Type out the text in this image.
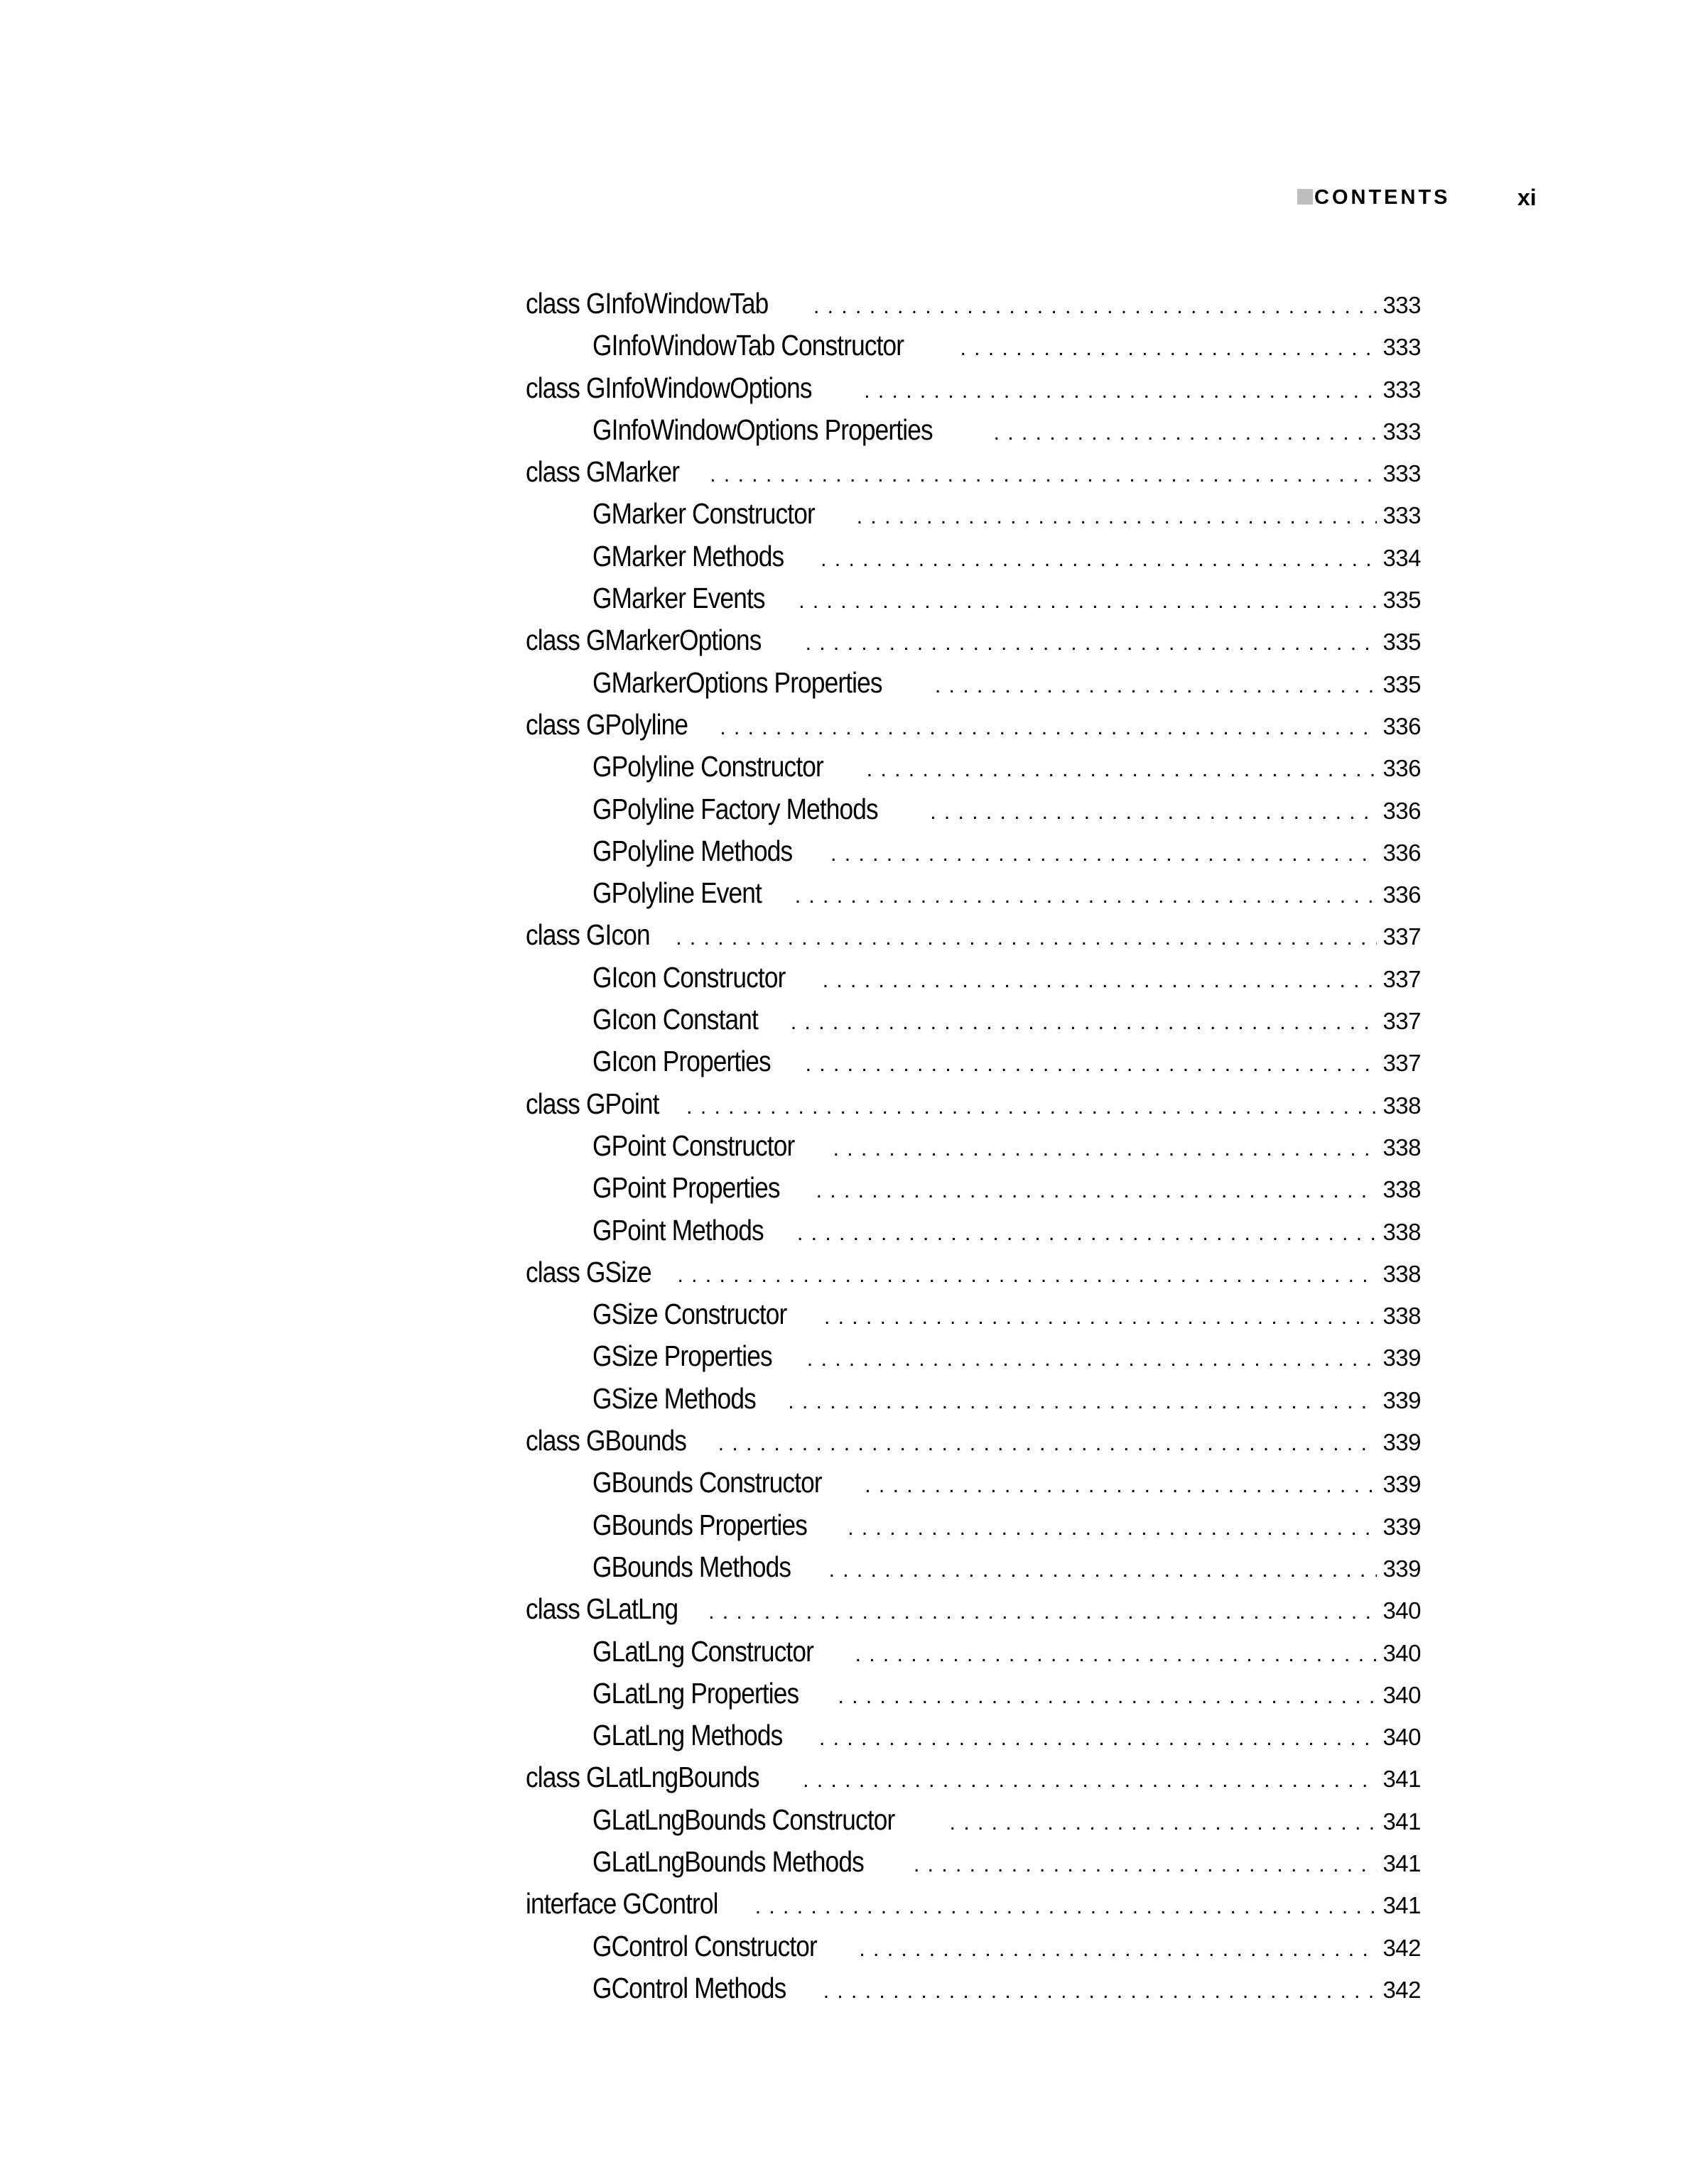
CONTENTS	xi
class GInfoWindowTab . . .	333
GInfoWindowTab Constructor . . .	333
class GInfoWindowOptions . . .	333
GInfoWindowOptions Properties . . .	333
class GMarker . . .	333
GMarker Constructor . . .	333
GMarker Methods . . .	334
GMarker Events . . .	335
class GMarkerOptions . . .	335
GMarkerOptions Properties . . .	335
class GPolyline . . .	336
GPolyline Constructor . . .	336
GPolyline Factory Methods . . .	336
GPolyline Methods . . .	336
GPolyline Event . . .	336
class GIcon . . .	337
GIcon Constructor . . .	337
GIcon Constant . . .	337
GIcon Properties . . .	337
class GPoint . . .	338
GPoint Constructor . . .	338
GPoint Properties . . .	338
GPoint Methods . . .	338
class GSize . . .	338
GSize Constructor . . .	338
GSize Properties . . .	339
GSize Methods . . .	339
class GBounds . . .	339
GBounds Constructor . . .	339
GBounds Properties . . .	339
GBounds Methods . . .	339
class GLatLng . . .	340
GLatLng Constructor . . .	340
GLatLng Properties . . .	340
GLatLng Methods . . .	340
class GLatLngBounds . . .	341
GLatLngBounds Constructor . . .	341
GLatLngBounds Methods . . .	341
interface GControl . . .	341
GControl Constructor . . .	342
GControl Methods . . .	342
